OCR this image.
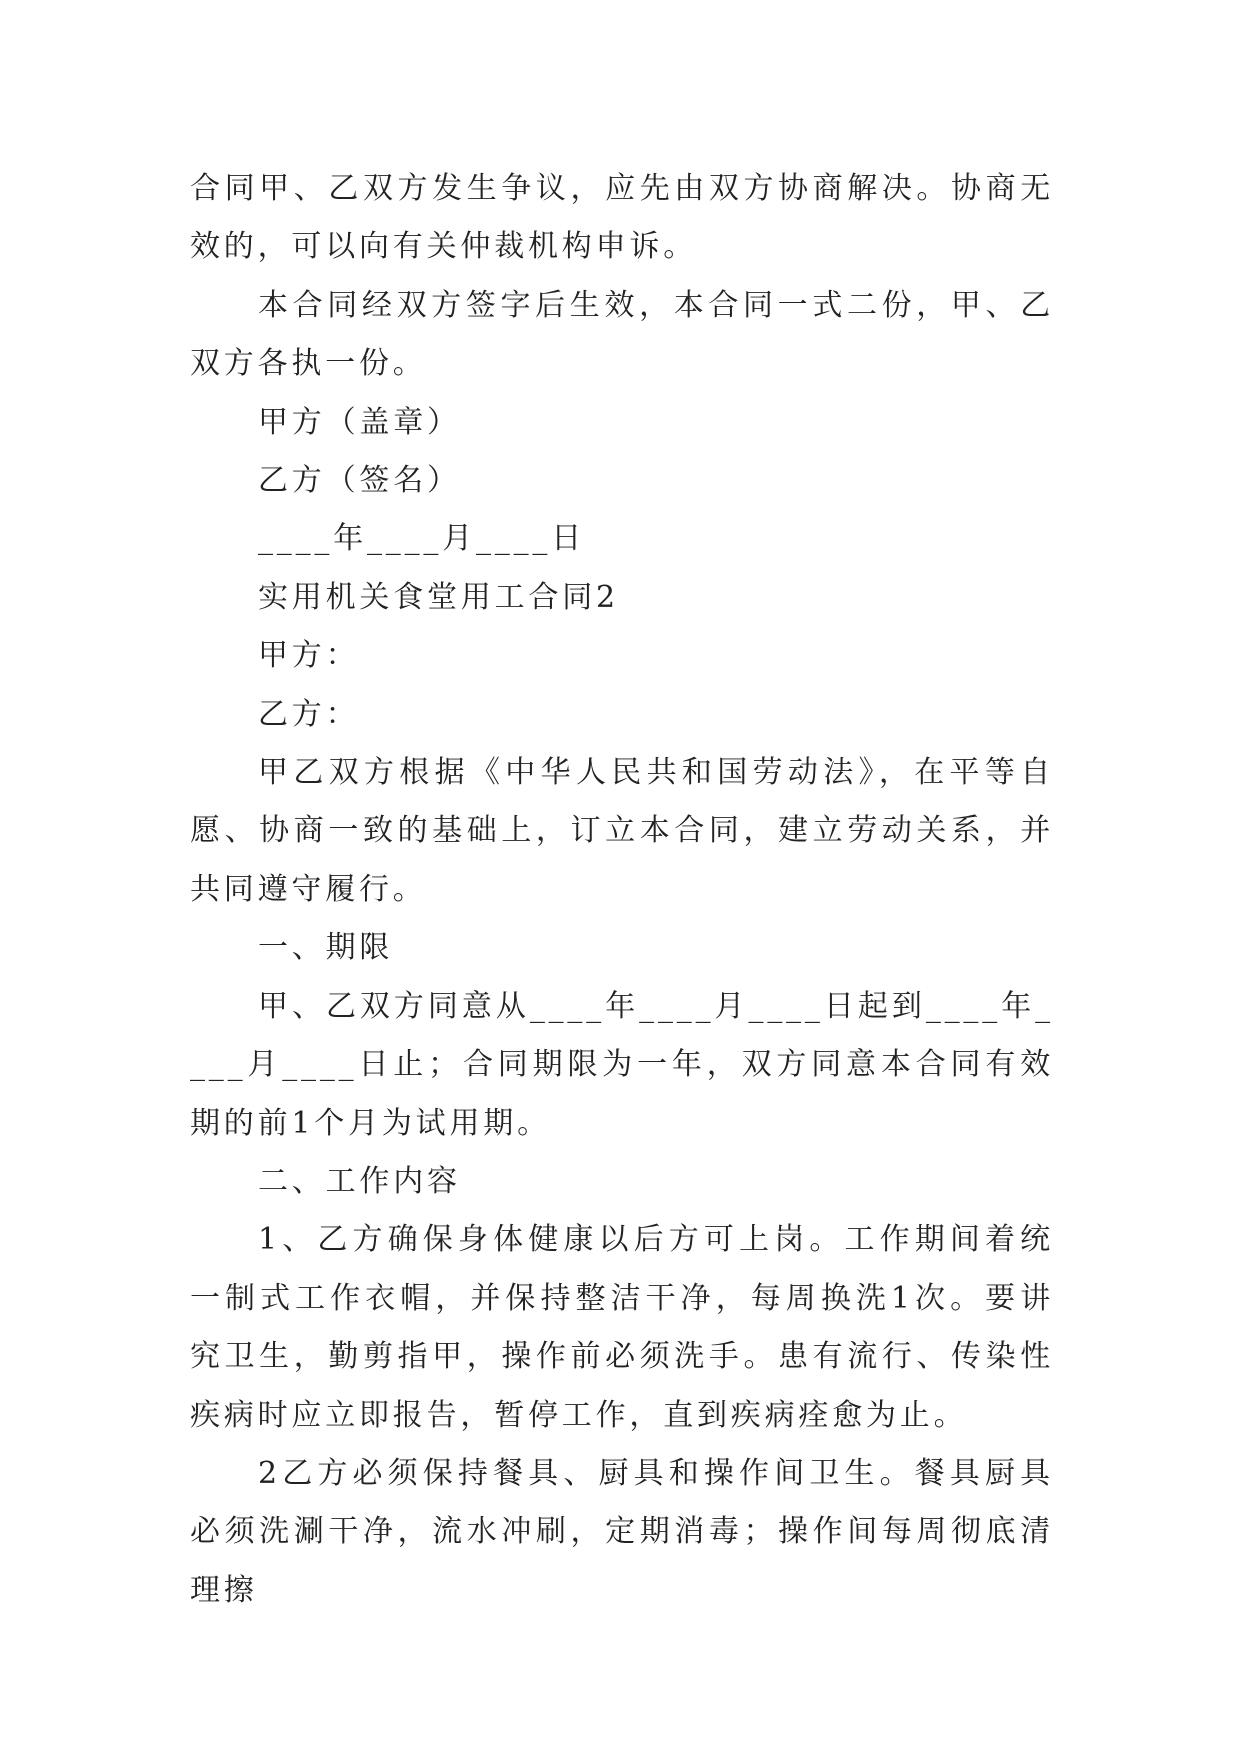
合同甲、乙双方发生争议，应先由双方协商解决。协商无效的，可以向有关仲裁机构申诉。

本合同经双方签字后生效，本合同一式二份，甲、乙双方各执一份。

甲方（盖章）

乙方（签名）

____年____月____日

实用机关食堂用工合同2

甲方：

乙方：

甲乙双方根据《中华人民共和国劳动法》，在平等自愿、协商一致的基础上，订立本合同，建立劳动关系，并共同遵守履行。

一、期限

甲、乙双方同意从____年____月____日起到____年____月____日止；合同期限为一年，双方同意本合同有效期的前1个月为试用期。

二、工作内容

1、乙方确保身体健康以后方可上岗。工作期间着统一制式工作衣帽，并保持整洁干净，每周换洗1次。要讲究卫生，勤剪指甲，操作前必须洗手。患有流行、传染性疾病时应立即报告，暂停工作，直到疾病痊愈为止。

2乙方必须保持餐具、厨具和操作间卫生。餐具厨具必须洗涮干净，流水冲刷，定期消毒；操作间每周彻底清理擦
